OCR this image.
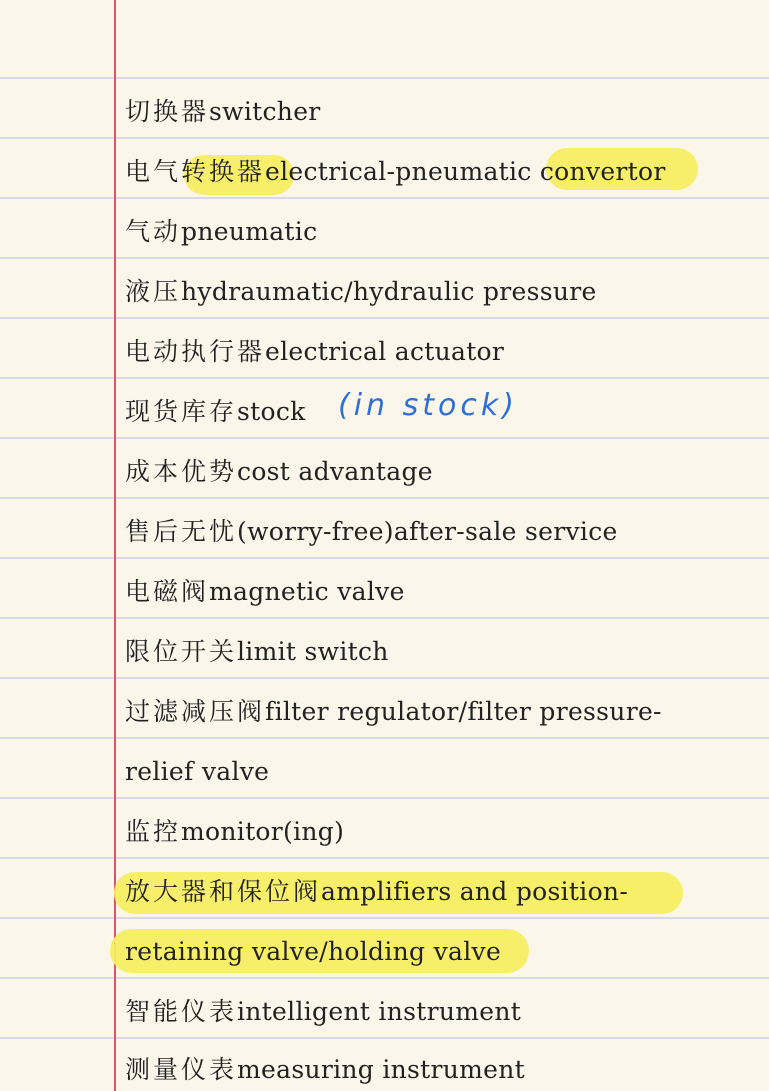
切换器switcher
电气转换器electrical-pneumatic convertor
气动pneumatic
液压hydraumatic/hydraulic pressure
电动执行器electrical actuator
现货库存stock (in stock)
成本优势cost advantage
售后无忧(worry-free)after-sale service
电磁阀magnetic valve
限位开关limit switch
过滤减压阀filter regulator/filter pressure-
relief valve
监控monitor(ing)
放大器和保位阀amplifiers and position-
retaining valve/holding valve
智能仪表intelligent instrument
测量仪表measuring instrument
